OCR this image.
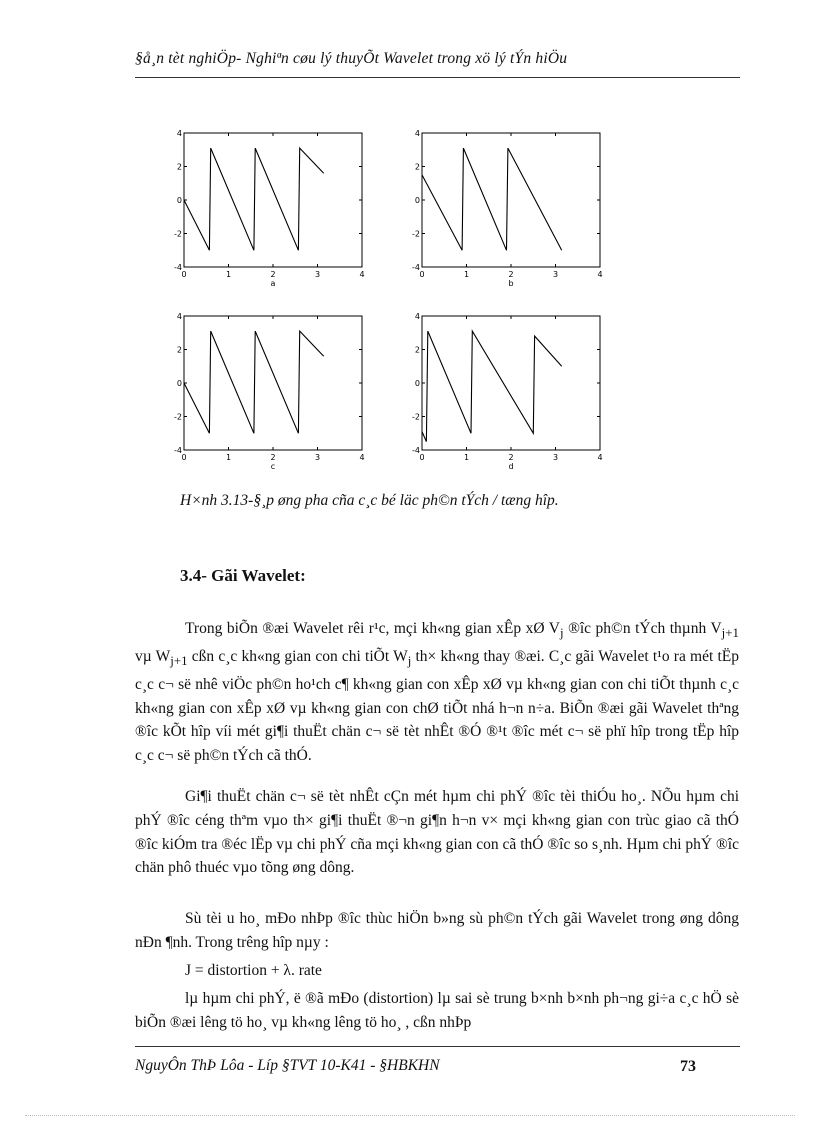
§å¸n tèt nghiÖp- Nghiªn cøu lý thuyÕt Wavelet trong xö lý tÝn hiÖu
0	1	2	3	4
4
2
0
-2
-4
a
0	1	2	3	4
4
2
0
-2
-4
b
0	1	2	3	4
4
2
0
-2
-4
c
0	1	2	3	4
4
2
0
-2
-4
d
H×nh 3.13-§¸p øng pha cña c¸c bé läc ph©n tÝch / tæng hîp.
3.4- Gãi Wavelet:

Trong biÕn ®æi Wavelet rêi r¹c, mçi kh«ng gian xÊp xØ $V_j$ ®îc ph©n tÝch thµnh $V_{j+1}$ vµ $W_{j+1}$ cßn c¸c kh«ng gian con chi tiÕt $W_j$ th× kh«ng thay ®æi. C¸c gãi Wavelet t¹o ra mét tËp c¸c c¬ së nhê viÖc ph©n ho¹ch c¶ kh«ng gian con xÊp xØ vµ kh«ng gian con chi tiÕt thµnh c¸c kh«ng gian con xÊp xØ vµ kh«ng gian con chØ tiÕt nhá h¬n n÷a. BiÕn ®æi gãi Wavelet thªng ®îc kÕt hîp víi mét gi¶i thuËt chän c¬ së tèt nhÊt ®Ó ®¹t ®îc mét c¬ së phï hîp trong tËp hîp c¸c c¬ së ph©n tÝch cã thÓ.

Gi¶i thuËt chän c¬ së tèt nhÊt cÇn mét hµm chi phÝ ®îc tèi thiÓu ho¸. NÕu hµm chi phÝ ®îc céng thªm vµo th× gi¶i thuËt ®¬n gi¶n h¬n v× mçi kh«ng gian con trùc giao cã thÓ ®îc kiÓm tra ®éc lËp vµ chi phÝ cña mçi kh«ng gian con cã thÓ ®îc so s¸nh. Hµm chi phÝ ®îc chän phô thuéc vµo tõng øng dông.

Sù tèi u ho¸ mÐo nhÞp ®îc thùc hiÖn b»ng sù ph©n tÝch gãi Wavelet trong øng dông nÐn ¶nh. Trong trêng hîp nµy :

J = distortion + λ. rate

lµ hµm chi phÝ, ë ®ã mÐo (distortion) lµ sai sè trung b×nh b×nh ph¬ng gi÷a c¸c hÖ sè biÕn ®æi lêng tö ho¸ vµ kh«ng lêng tö ho¸ , cßn nhÞp

NguyÔn ThÞ Lôa - Líp §TVT 10-K41 - §HBKHN	73
